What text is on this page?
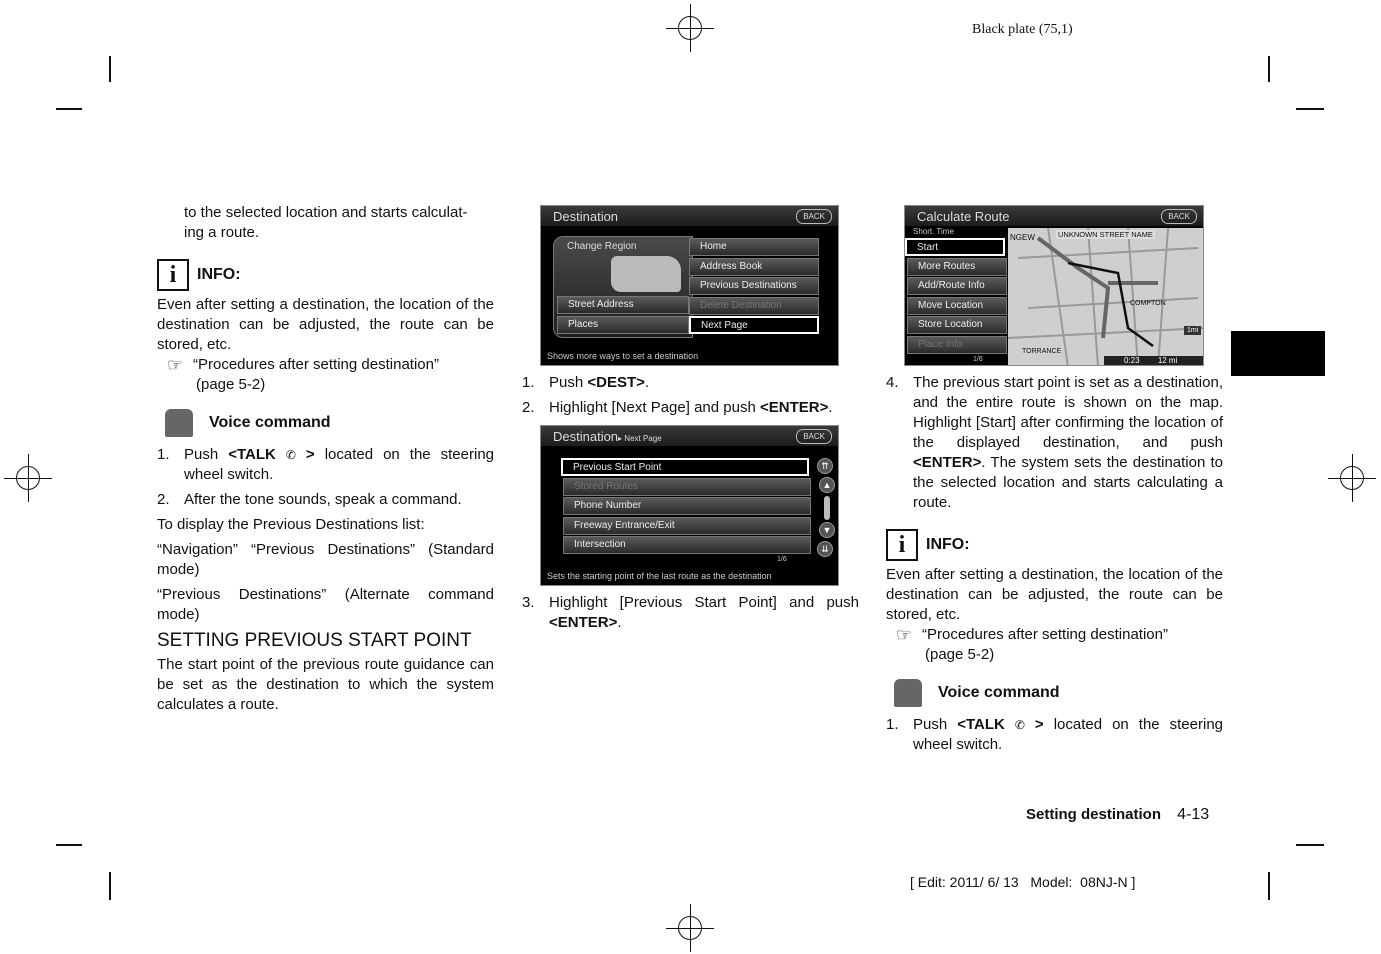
Black plate (75,1)

to the selected location and starts calculat-

ing a route.

i	INFO:

Even after setting a destination, the location of the destination can be adjusted, the route can be stored, etc.

☞ “Procedures after setting destination”

(page 5-2)

Voice command
1. Push <TALK ✆ > located on the steering wheel switch.
2. After the tone sounds, speak a command.

To display the Previous Destinations list:

“Navigation” “Previous Destinations” (Standard mode)

“Previous Destinations” (Alternate command mode)

SETTING PREVIOUS START POINT

The start point of the previous route guidance can be set as the destination to which the system calculates a route.

Destination	BACK
Change Region
Street Address
Places
Home
Address Book
Previous Destinations
Delete Destination
Next Page
Shows more ways to set a destination
1. Push <DEST>.
2. Highlight [Next Page] and push <ENTER>.
Destination▸ Next Page	BACK
Previous Start Point
Stored Routes
Phone Number
Freeway Entrance/Exit
Intersection
⇈
▲
▼
⇊
1/6
Sets the starting point of the last route as the destination
3. Highlight [Previous Start Point] and push <ENTER>.
Calculate Route	BACK
NGEW	UNKNOWN STREET NAME
COMPTON
TORRANCE
1mi
0:23 12 mi
Short. Time
Start
More Routes
Add/Route Info
Move Location
Store Location
Place Info
1/6
4. The previous start point is set as a destination, and the entire route is shown on the map. Highlight [Start] after confirming the location of the displayed destination, and push <ENTER>. The system sets the destination to the selected location and starts calculating a route.
i	INFO:

Even after setting a destination, the location of the destination can be adjusted, the route can be stored, etc.

☞ “Procedures after setting destination”

(page 5-2)

Voice command
1. Push <TALK ✆ > located on the steering wheel switch.
Setting destination 4-13
[ Edit: 2011/ 6/ 13   Model:  08NJ-N ]
